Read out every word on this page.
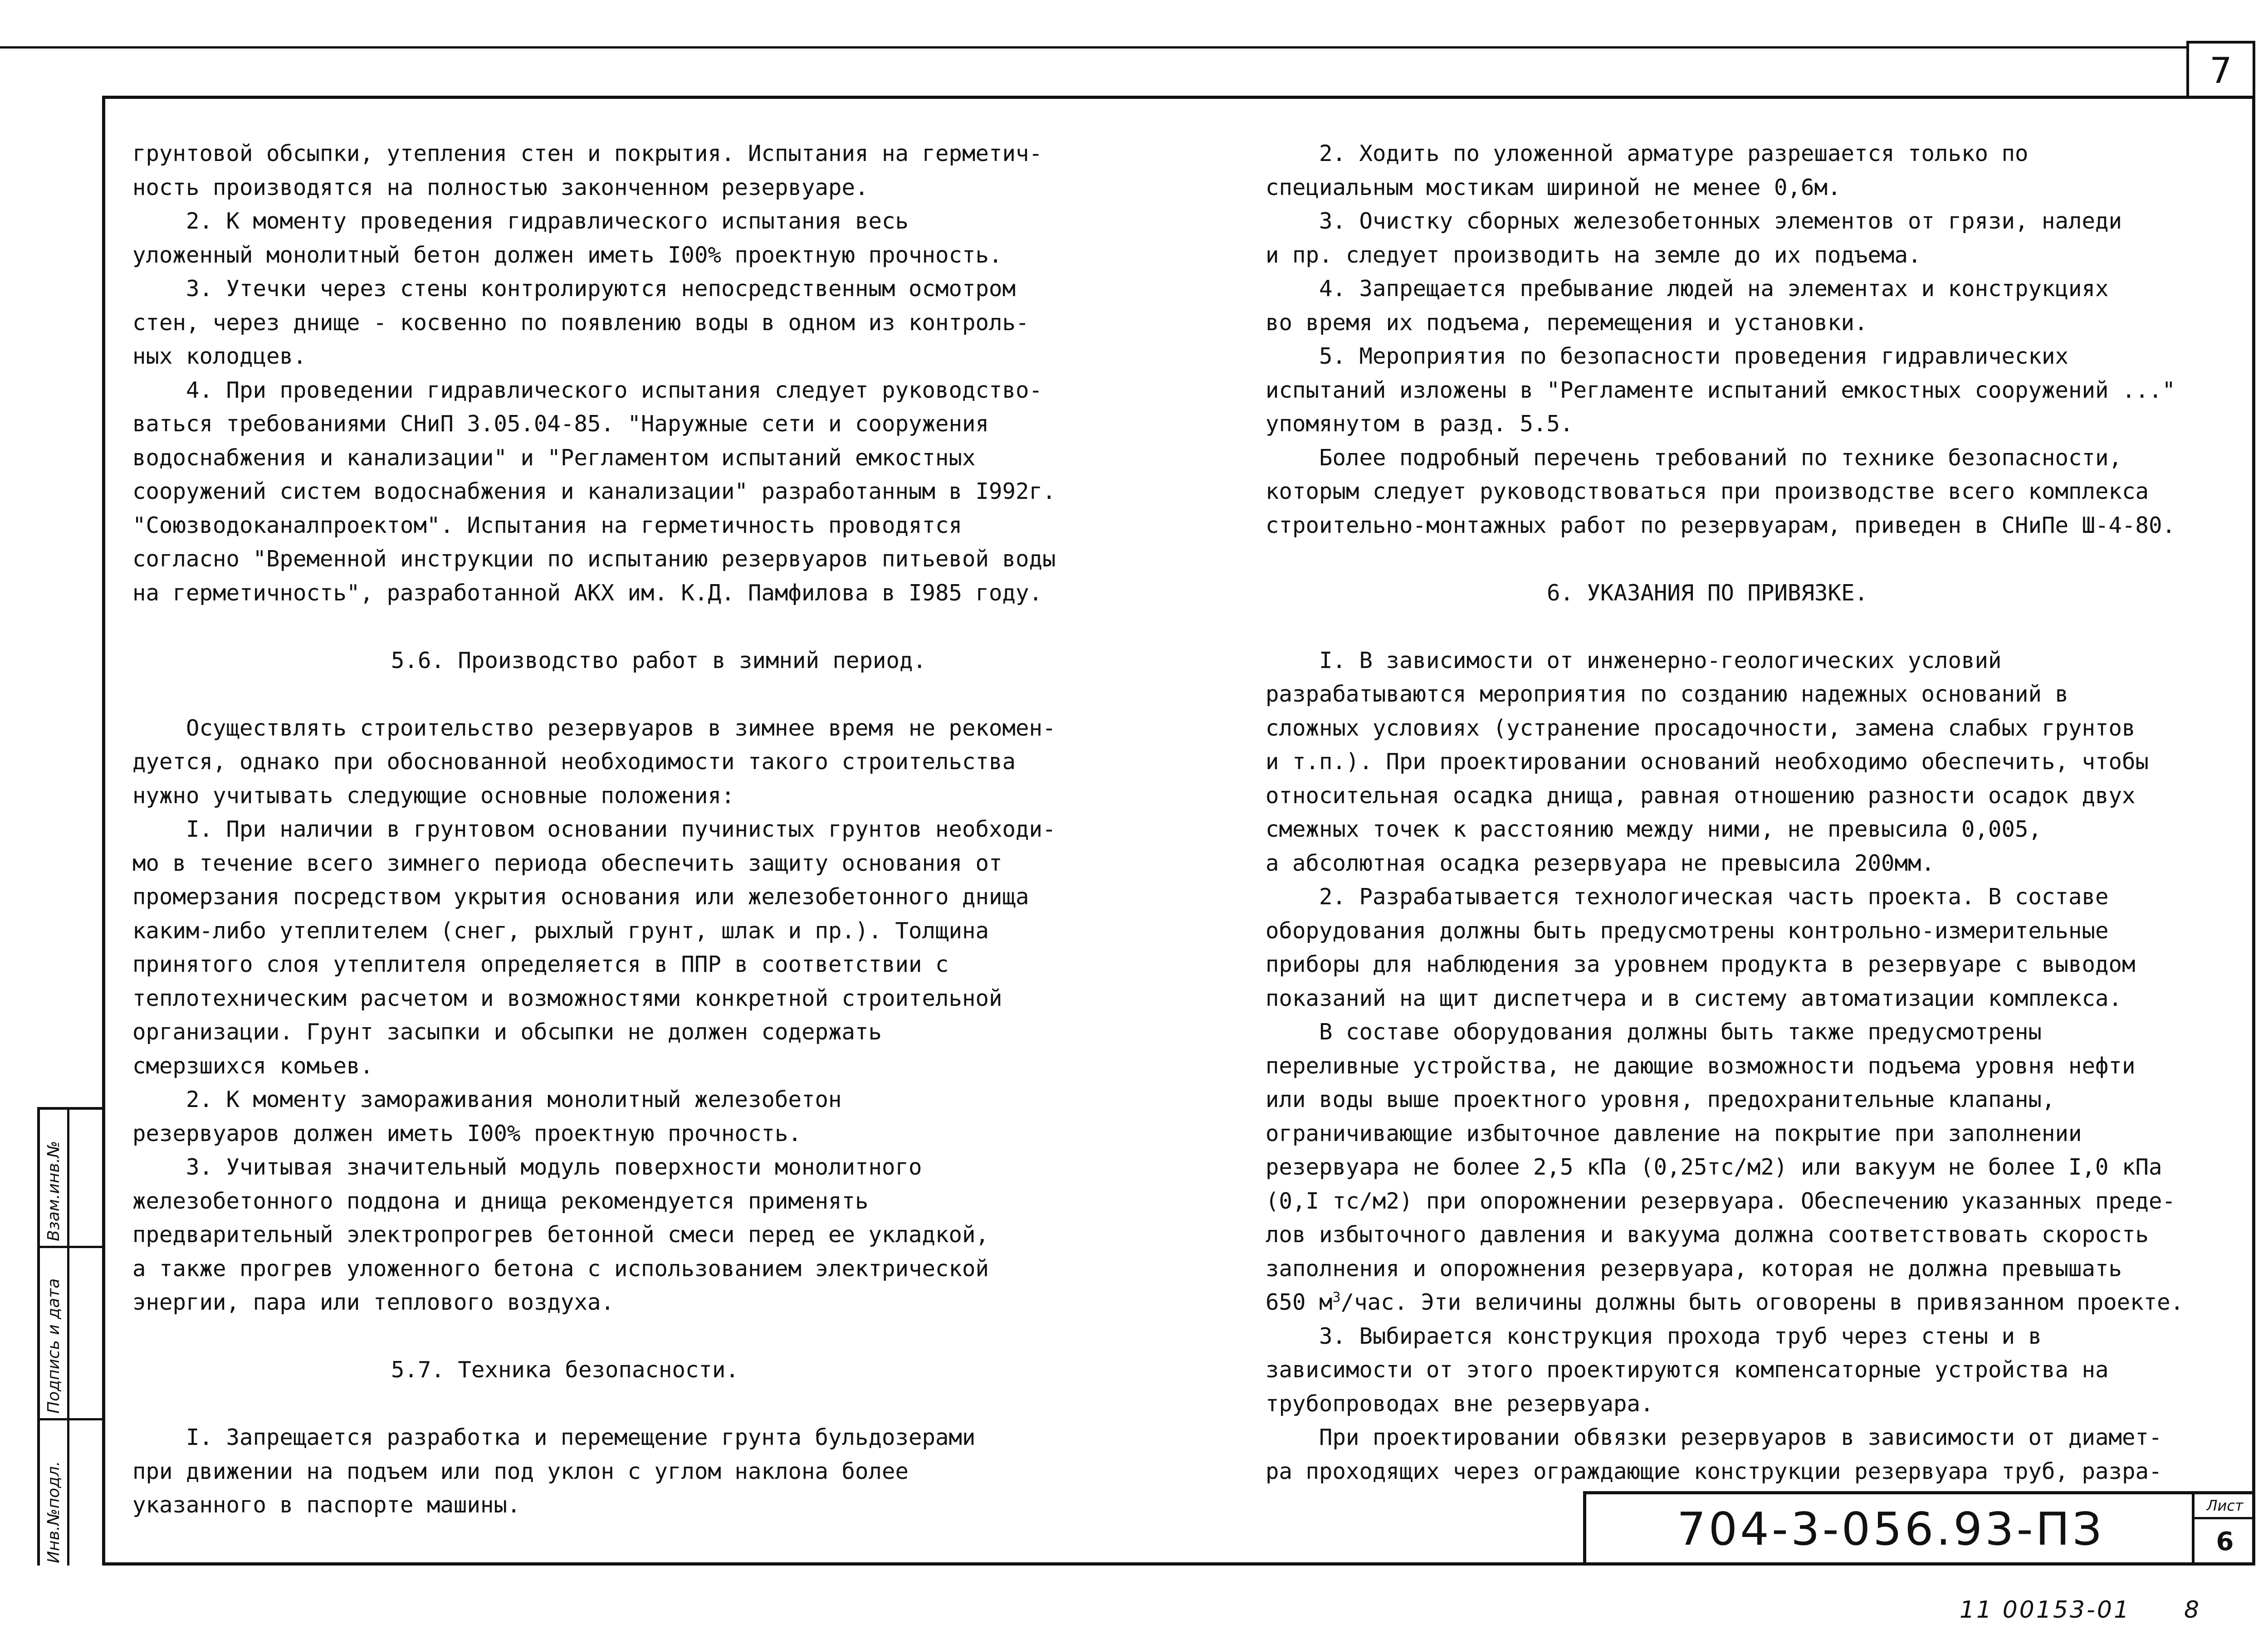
7

грунтовой обсыпки, утепления стен и покрытия. Испытания на герметич-

ность производятся на полностью законченном резервуаре.

2. К моменту проведения гидравлического испытания весь

уложенный монолитный бетон должен иметь I00% проектную прочность.

3. Утечки через стены контролируются непосредственным осмотром

стен, через днище - косвенно по появлению воды в одном из контроль-

ных колодцев.

4. При проведении гидравлического испытания следует руководство-

ваться требованиями СНиП 3.05.04-85. "Наружные сети и сооружения

водоснабжения и канализации" и "Регламентом испытаний емкостных

сооружений систем водоснабжения и канализации" разработанным в I992г.

"Союзводоканалпроектом". Испытания на герметичность проводятся

согласно "Временной инструкции по испытанию резервуаров питьевой воды

на герметичность", разработанной АКХ им. К.Д. Памфилова в I985 году.

5.6. Производство работ в зимний период.

Осуществлять строительство резервуаров в зимнее время не рекомен-

дуется, однако при обоснованной необходимости такого строительства

нужно учитывать следующие основные положения:

I. При наличии в грунтовом основании пучинистых грунтов необходи-

мо в течение всего зимнего периода обеспечить защиту основания от

промерзания посредством укрытия основания или железобетонного днища

каким-либо утеплителем (снег, рыхлый грунт, шлак и пр.). Толщина

принятого слоя утеплителя определяется в ППР в соответствии с

теплотехническим расчетом и возможностями конкретной строительной

организации. Грунт засыпки и обсыпки не должен содержать

смерзшихся комьев.

2. К моменту замораживания монолитный железобетон

резервуаров должен иметь I00% проектную прочность.

3. Учитывая значительный модуль поверхности монолитного

железобетонного поддона и днища рекомендуется применять

предварительный электропрогрев бетонной смеси перед ее укладкой,

а также прогрев уложенного бетона с использованием электрической

энергии, пара или теплового воздуха.

5.7. Техника безопасности.

I. Запрещается разработка и перемещение грунта бульдозерами

при движении на подъем или под уклон с углом наклона более

указанного в паспорте машины.

2. Ходить по уложенной арматуре разрешается только по

специальным мостикам шириной не менее 0,6м.

3. Очистку сборных железобетонных элементов от грязи, наледи

и пр. следует производить на земле до их подъема.

4. Запрещается пребывание людей на элементах и конструкциях

во время их подъема, перемещения и установки.

5. Мероприятия по безопасности проведения гидравлических

испытаний изложены в "Регламенте испытаний емкостных сооружений ..."

упомянутом в разд. 5.5.

Более подробный перечень требований по технике безопасности,

которым следует руководствоваться при производстве всего комплекса

строительно-монтажных работ по резервуарам, приведен в СНиПе Ш-4-80.

6. УКАЗАНИЯ ПО ПРИВЯЗКЕ.

I. В зависимости от инженерно-геологических условий

разрабатываются мероприятия по созданию надежных оснований в

сложных условиях (устранение просадочности, замена слабых грунтов

и т.п.). При проектировании оснований необходимо обеспечить, чтобы

относительная осадка днища, равная отношению разности осадок двух

смежных точек к расстоянию между ними, не превысила 0,005,

а абсолютная осадка резервуара не превысила 200мм.

2. Разрабатывается технологическая часть проекта. В составе

оборудования должны быть предусмотрены контрольно-измерительные

приборы для наблюдения за уровнем продукта в резервуаре с выводом

показаний на щит диспетчера и в систему автоматизации комплекса.

В составе оборудования должны быть также предусмотрены

переливные устройства, не дающие возможности подъема уровня нефти

или воды выше проектного уровня, предохранительные клапаны,

ограничивающие избыточное давление на покрытие при заполнении

резервуара не более 2,5 кПа (0,25тс/м2) или вакуум не более I,0 кПа

(0,I тс/м2) при опорожнении резервуара. Обеспечению указанных преде-

лов избыточного давления и вакуума должна соответствовать скорость

заполнения и опорожнения резервуара, которая не должна превышать

650 $м^3$/час. Эти величины должны быть оговорены в привязанном проекте.

3. Выбирается конструкция прохода труб через стены и в

зависимости от этого проектируются компенсаторные устройства на

трубопроводах вне резервуара.

При проектировании обвязки резервуаров в зависимости от диамет-

ра проходящих через ограждающие конструкции резервуара труб, разра-

Инв.№подл.
Подпись и дата
Взам.инв.№
704-3-056.93-ПЗ	Лист
6
11 00153-01 8
